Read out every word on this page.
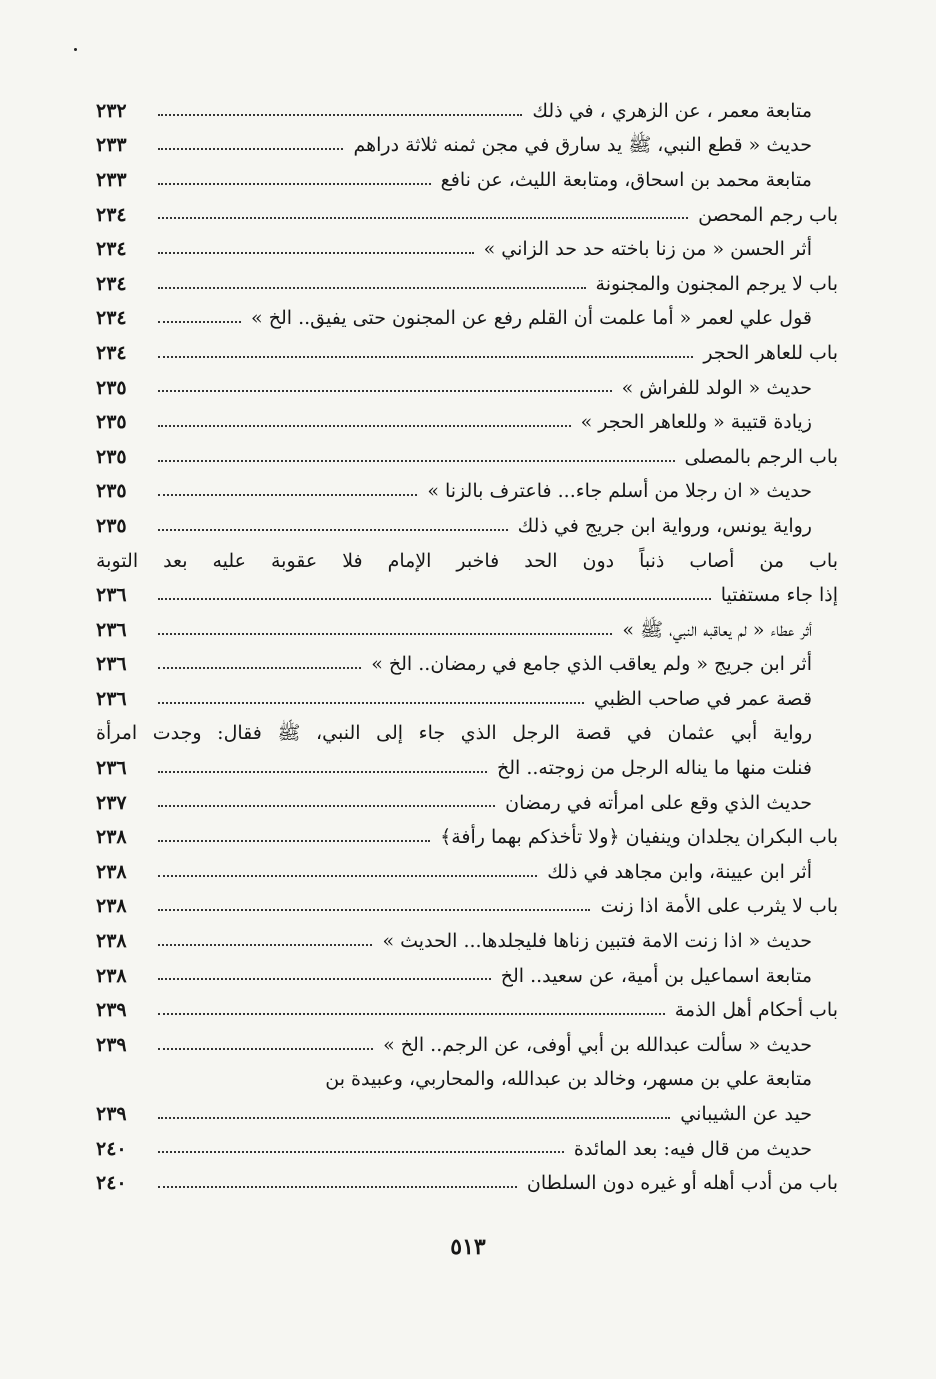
متابعة معمر ، عن الزهري ، في ذلك
٢٣٢
حديث « قطع النبي، ﷺ يد سارق في مجن ثمنه ثلاثة دراهم
٢٣٣
متابعة محمد بن اسحاق، ومتابعة الليث، عن نافع
٢٣٣
باب رجم المحصن
٢٣٤
أثر الحسن « من زنا باخته حد حد الزاني »
٢٣٤
باب لا يرجم المجنون والمجنونة
٢٣٤
قول علي لعمر « أما علمت أن القلم رفع عن المجنون حتى يفيق.. الخ »
٢٣٤
باب للعاهر الحجر
٢٣٤
حديث « الولد للفراش »
٢٣٥
زيادة قتيبة « وللعاهر الحجر »
٢٣٥
باب الرجم بالمصلى
٢٣٥
حديث « ان رجلا من أسلم جاء... فاعترف بالزنا »
٢٣٥
رواية يونس، ورواية ابن جريج في ذلك
٢٣٥
باب من أصاب ذنباً دون الحد فاخبر الإمام فلا عقوبة عليه بعد التوبة
إذا جاء مستفتيا
٢٣٦
أثر عطاء « لم يعاقبه النبي، ﷺ »
٢٣٦
أثر ابن جريج « ولم يعاقب الذي جامع في رمضان.. الخ »
٢٣٦
قصة عمر في صاحب الظبي
٢٣٦
رواية أبي عثمان في قصة الرجل الذي جاء إلى النبي، ﷺ فقال: وجدت امرأة
فنلت منها ما يناله الرجل من زوجته.. الخ
٢٣٦
حديث الذي وقع على امرأته في رمضان
٢٣٧
باب البكران يجلدان وينفيان ﴿ولا تأخذكم بهما رأفة﴾
٢٣٨
أثر ابن عيينة، وابن مجاهد في ذلك
٢٣٨
باب لا يثرب على الأمة اذا زنت
٢٣٨
حديث « اذا زنت الامة فتبين زناها فليجلدها... الحديث »
٢٣٨
متابعة اسماعيل بن أمية، عن سعيد.. الخ
٢٣٨
باب أحكام أهل الذمة
٢٣٩
حديث « سألت عبدالله بن أبي أوفى، عن الرجم.. الخ »
٢٣٩
متابعة علي بن مسهر، وخالد بن عبدالله، والمحاربي، وعبيدة بن
حيد عن الشيباني
٢٣٩
حديث من قال فيه: بعد المائدة
٢٤٠
باب من أدب أهله أو غيره دون السلطان
٢٤٠
٥١٣
